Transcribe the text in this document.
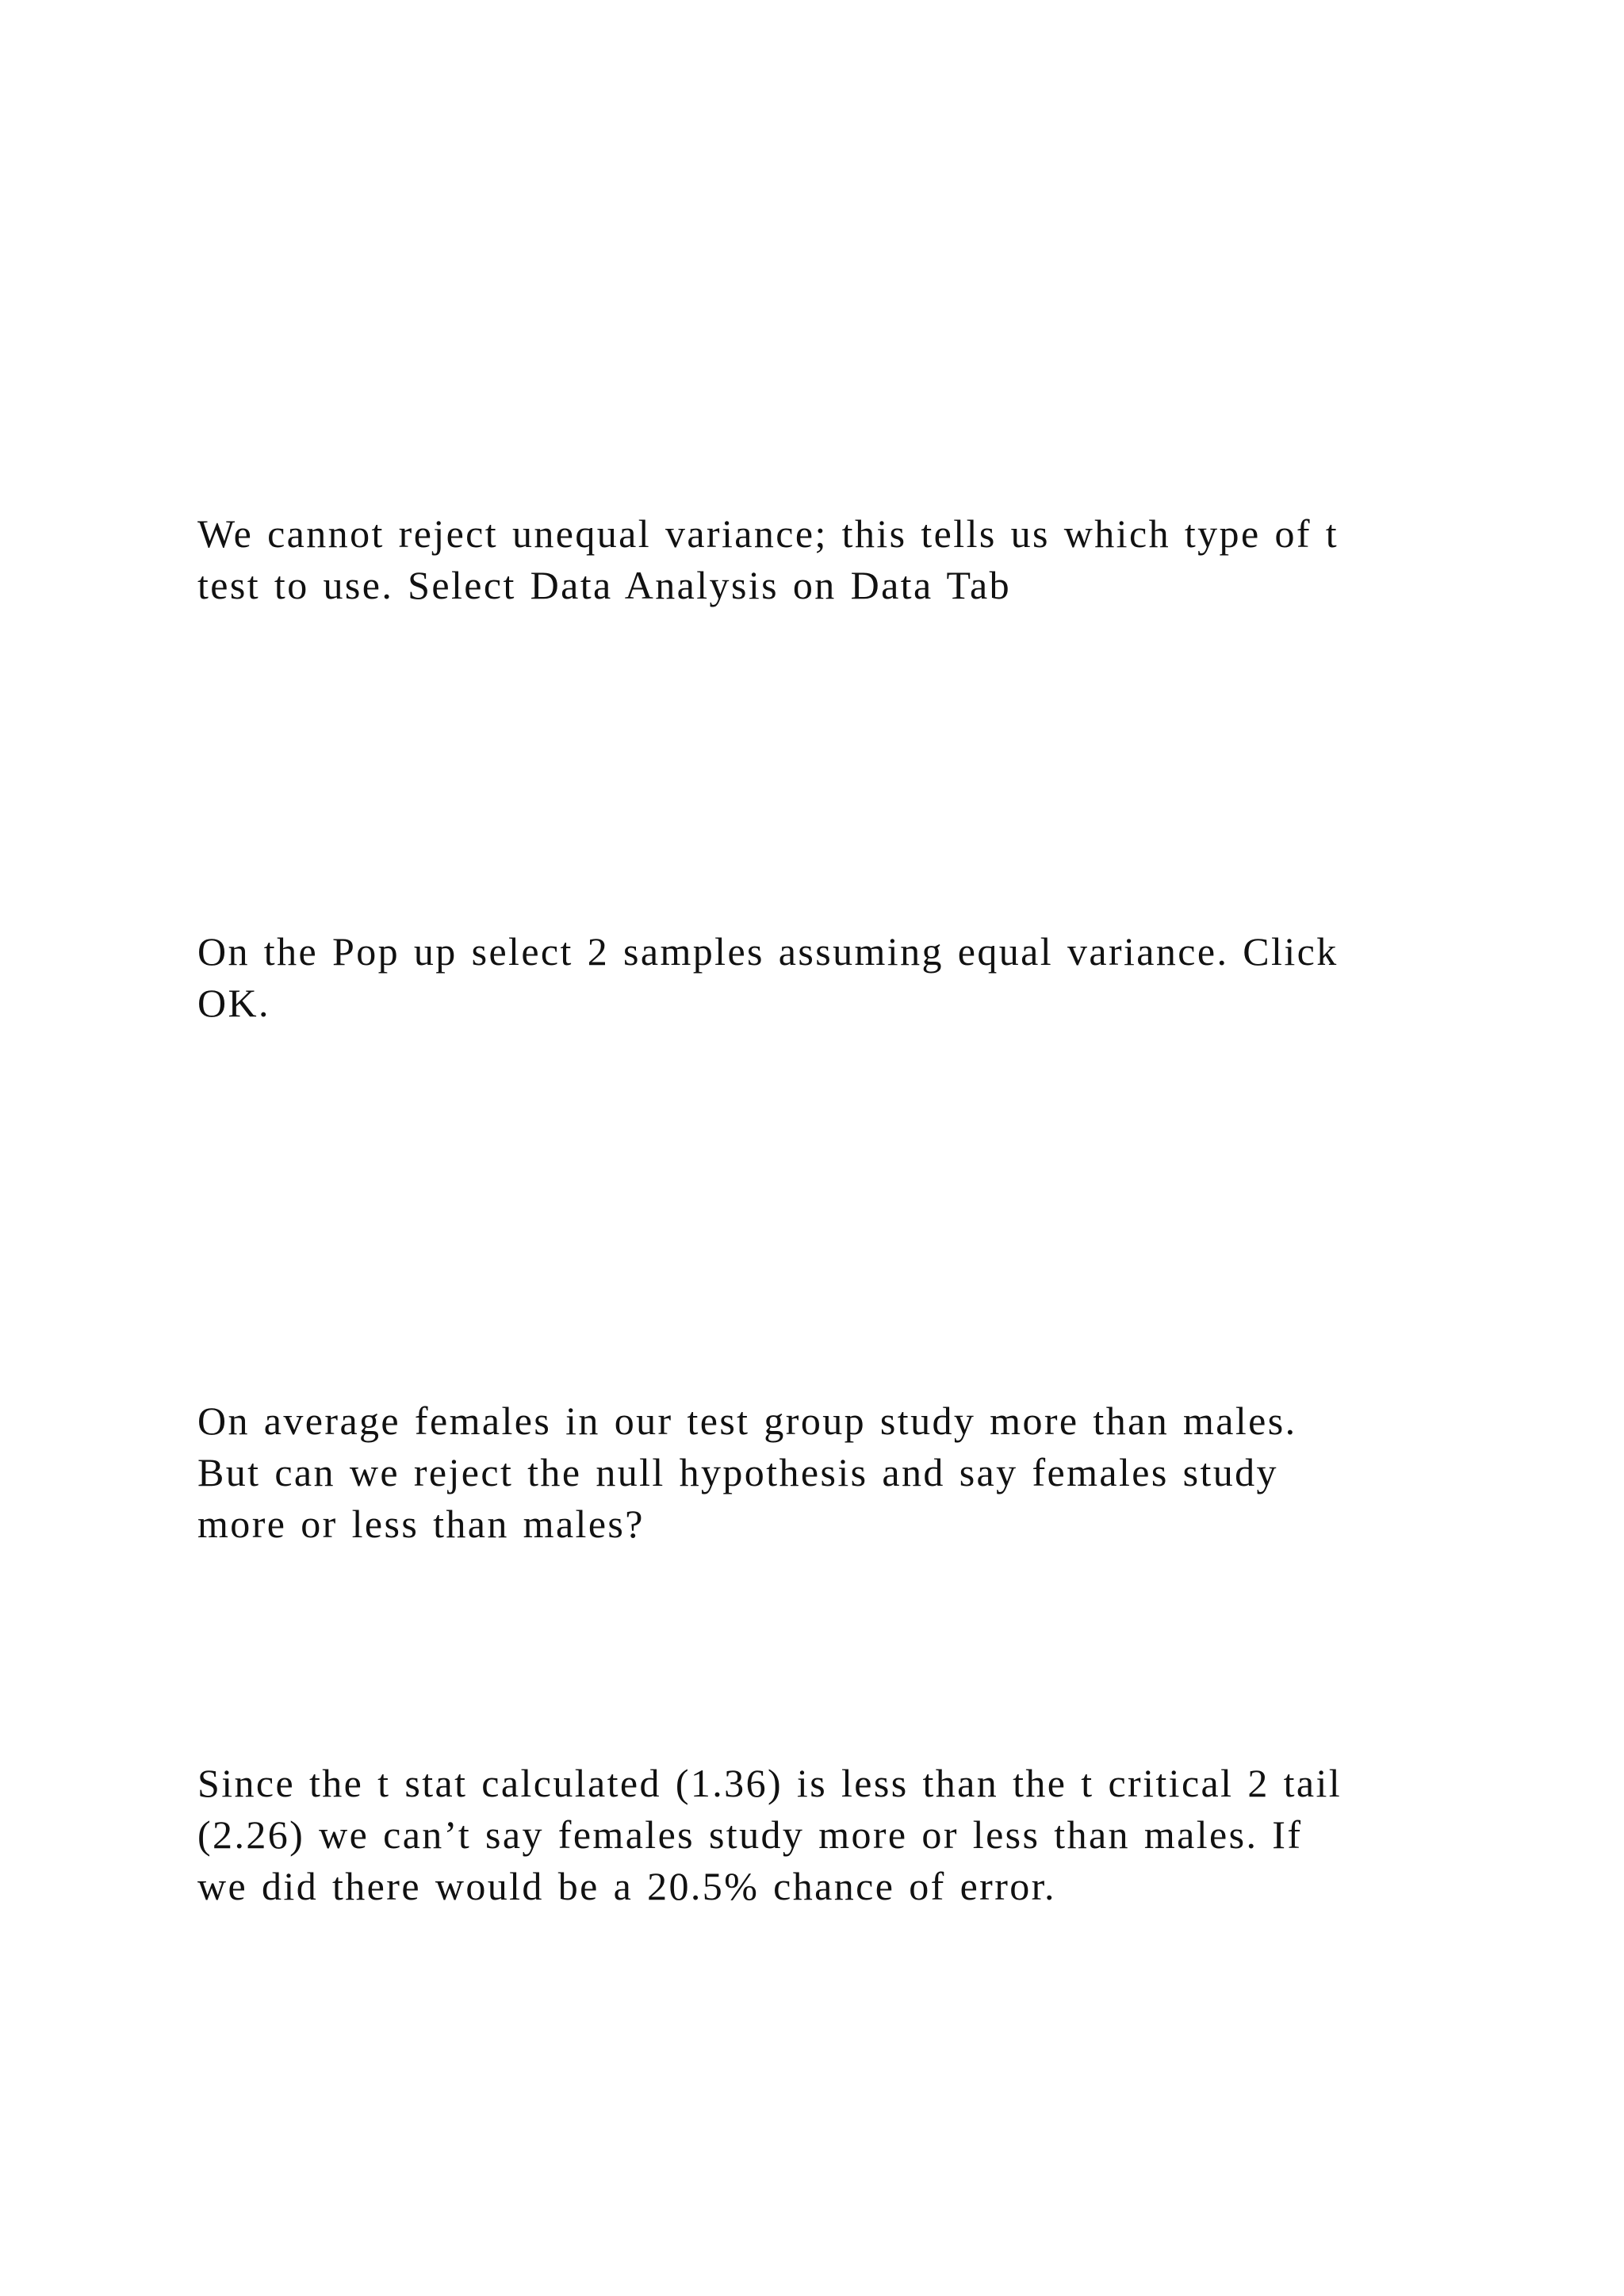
We cannot reject unequal variance; this tells us which type of t
test to use. Select Data Analysis on Data Tab

On the Pop up select 2 samples assuming equal variance. Click
OK.

On average females in our test group study more than males.
But can we reject the null hypothesis and say females study
more or less than males?

Since the t stat calculated (1.36) is less than the t critical 2 tail
(2.26) we can’t say females study more or less than males. If
we did there would be a 20.5% chance of error.
